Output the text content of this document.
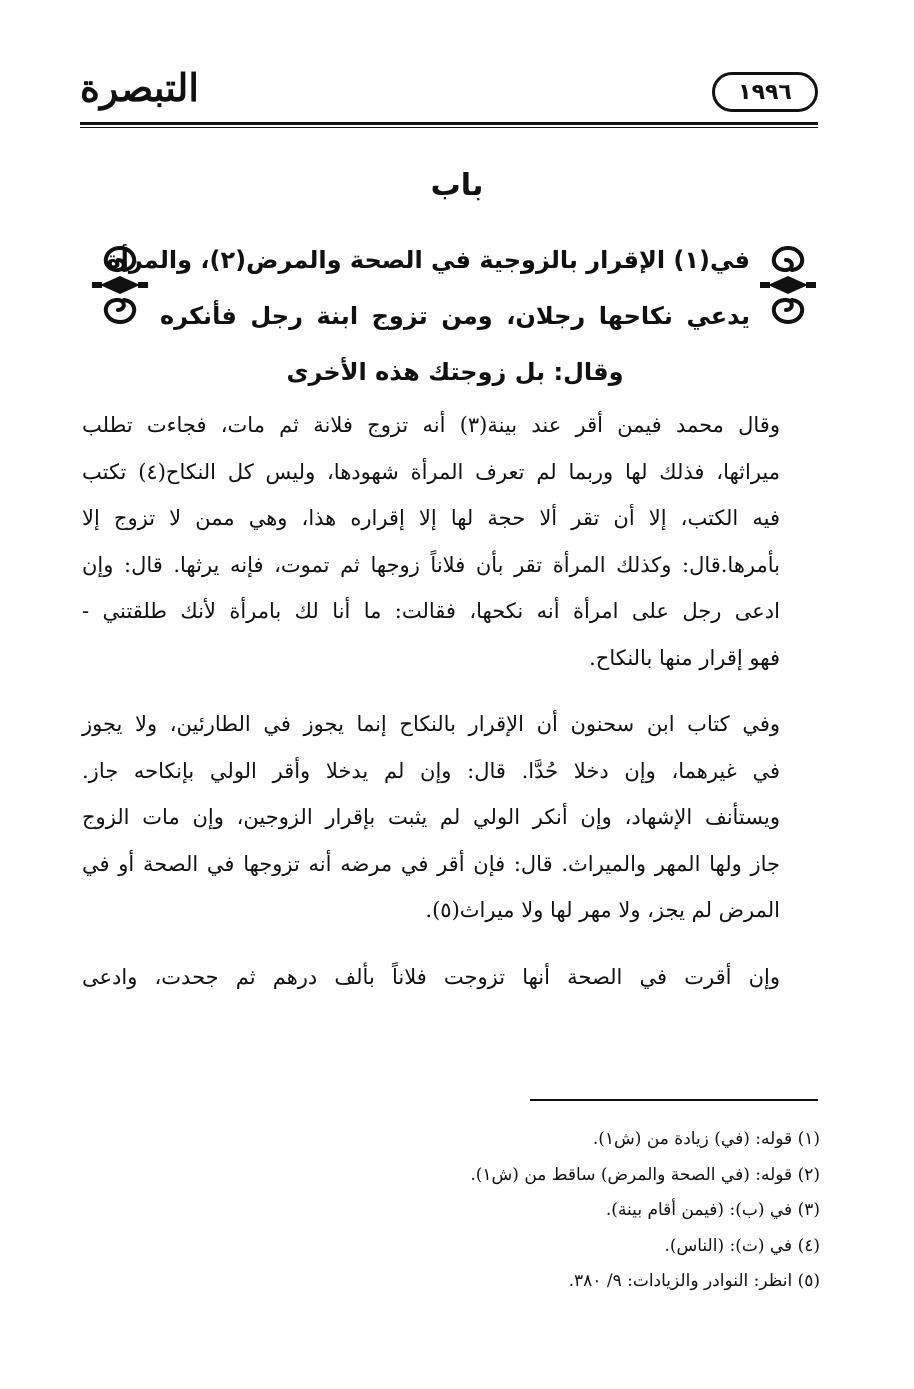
التبصرة	١٩٩٦
باب
في(١) الإقرار بالزوجية في الصحة والمرض(٢)، والمرأة
يدعي نكاحها رجلان، ومن تزوج ابنة رجل فأنكره
وقال: بل زوجتك هذه الأخرى

وقال محمد فيمن أقر عند بينة(٣) أنه تزوج فلانة ثم مات، فجاءت تطلب
ميراثها، فذلك لها وربما لم تعرف المرأة شهودها، وليس كل النكاح(٤) تكتب
فيه الكتب، إلا أن تقر ألا حجة لها إلا إقراره هذا، وهي ممن لا تزوج إلا
بأمرها.قال: وكذلك المرأة تقر بأن فلاناً زوجها ثم تموت، فإنه يرثها. قال: وإن
ادعى رجل على امرأة أنه نكحها، فقالت: ما أنا لك بامرأة لأنك طلقتني -
فهو إقرار منها بالنكاح.

وفي كتاب ابن سحنون أن الإقرار بالنكاح إنما يجوز في الطارئين، ولا يجوز
في غيرهما، وإن دخلا حُدَّا. قال: وإن لم يدخلا وأقر الولي بإنكاحه جاز.
ويستأنف الإشهاد، وإن أنكر الولي لم يثبت بإقرار الزوجين، وإن مات الزوج
جاز ولها المهر والميراث. قال: فإن أقر في مرضه أنه تزوجها في الصحة أو في
المرض لم يجز، ولا مهر لها ولا ميراث(٥).

وإن أقرت في الصحة أنها تزوجت فلاناً بألف درهم ثم جحدت، وادعى

(١) قوله: (في) زيادة من (ش١).
(٢) قوله: (في الصحة والمرض) ساقط من (ش١).
(٣) في (ب): (فيمن أقام بينة).
(٤) في (ت): (الناس).
(٥) انظر: النوادر والزيادات: ٩/ ٣٨٠.
